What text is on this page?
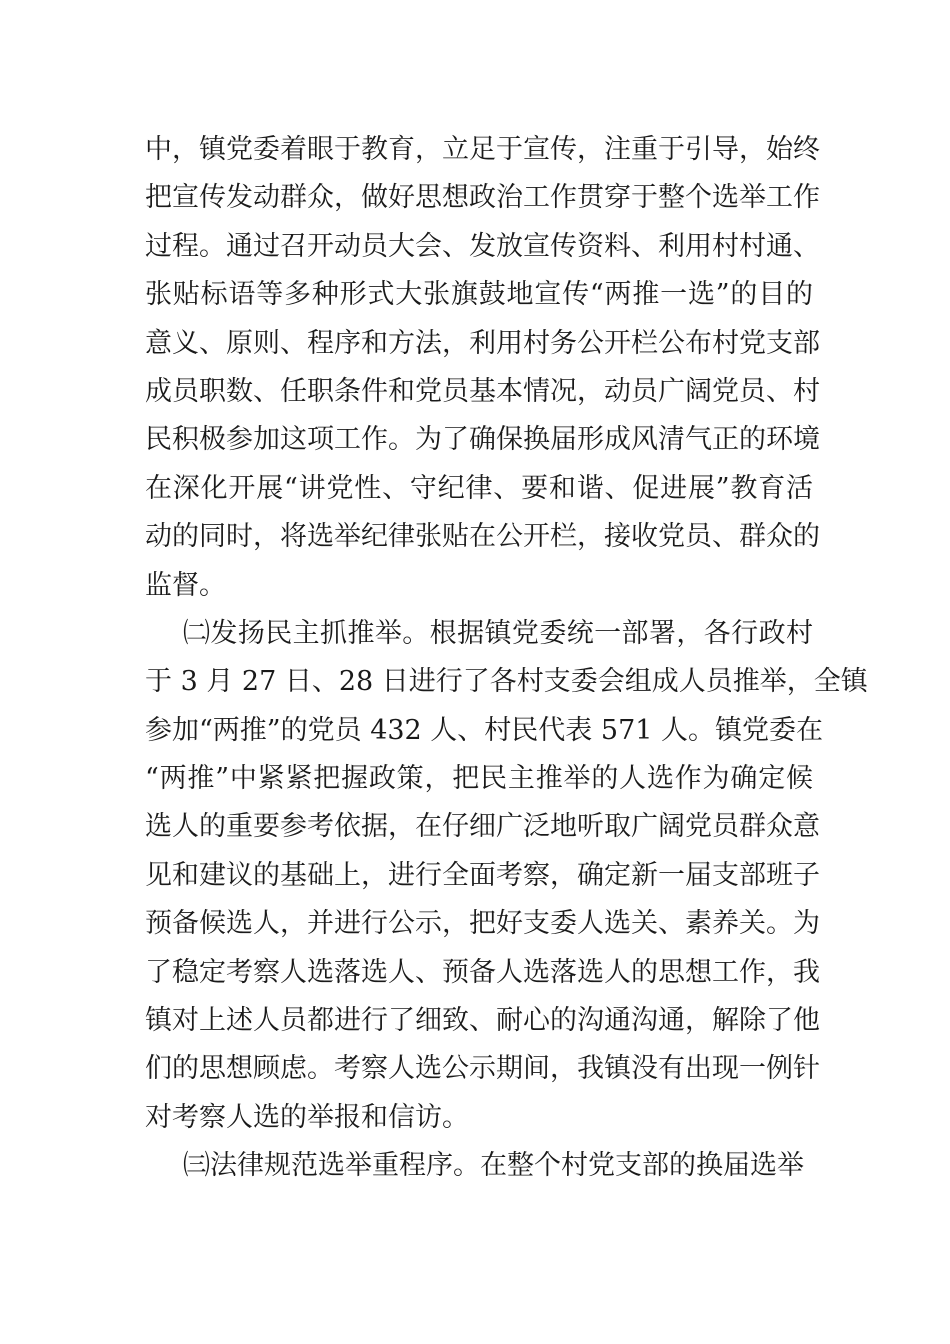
中，镇党委着眼于教育，立足于宣传，注重于引导，始终
把宣传发动群众，做好思想政治工作贯穿于整个选举工作
过程。通过召开动员大会、发放宣传资料、利用村村通、
张贴标语等多种形式大张旗鼓地宣传“两推一选”的目的
意义、原则、程序和方法，利用村务公开栏公布村党支部
成员职数、任职条件和党员基本情况，动员广阔党员、村
民积极参加这项工作。为了确保换届形成风清气正的环境
在深化开展“讲党性、守纪律、要和谐、促进展”教育活
动的同时，将选举纪律张贴在公开栏，接收党员、群众的
监督。
㈡发扬民主抓推举。根据镇党委统一部署，各行政村
于 3 月 27 日、28 日进行了各村支委会组成人员推举，全镇
参加“两推”的党员 432 人、村民代表 571 人。镇党委在
“两推”中紧紧把握政策，把民主推举的人选作为确定候
选人的重要参考依据，在仔细广泛地听取广阔党员群众意
见和建议的基础上，进行全面考察，确定新一届支部班子
预备候选人，并进行公示，把好支委人选关、素养关。为
了稳定考察人选落选人、预备人选落选人的思想工作，我
镇对上述人员都进行了细致、耐心的沟通沟通，解除了他
们的思想顾虑。考察人选公示期间，我镇没有出现一例针
对考察人选的举报和信访。
㈢法律规范选举重程序。在整个村党支部的换届选举
